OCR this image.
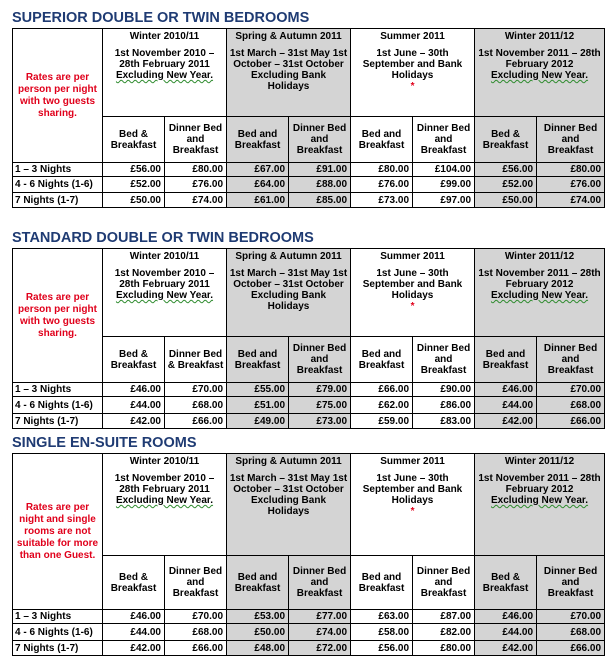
SUPERIOR DOUBLE OR TWIN BEDROOMS
Rates are per person per night with two guests sharing.	Winter 2010/11
1st November 2010 – 28th February 2011
Excluding New Year.		Spring & Autumn 2011
1st March – 31st May 1st October – 31st October Excluding Bank Holidays		Summer 2011
1st June – 30th September and Bank Holidays
*		Winter 2011/12
1st November 2011 – 28th February 2012
Excluding New Year.	
	Bed & Breakfast	Dinner Bed and Breakfast	Bed and Breakfast	Dinner Bed and Breakfast	Bed and Breakfast	Dinner Bed and Breakfast	Bed & Breakfast	Dinner Bed and Breakfast
1 – 3 Nights	£56.00	£80.00	£67.00	£91.00	£80.00	£104.00	£56.00	£80.00
4 - 6 Nights (1-6)	£52.00	£76.00	£64.00	£88.00	£76.00	£99.00	£52.00	£76.00
7 Nights (1-7)	£50.00	£74.00	£61.00	£85.00	£73.00	£97.00	£50.00	£74.00
STANDARD DOUBLE OR TWIN BEDROOMS
Rates are per person per night with two guests sharing.	Winter 2010/11
1st November 2010 – 28th February 2011
Excluding New Year.		Spring & Autumn 2011
1st March – 31st May 1st October – 31st October Excluding Bank Holidays		Summer 2011
1st June – 30th September and Bank Holidays
*		Winter 2011/12
1st November 2011 – 28th February 2012
Excluding New Year.	
	Bed & Breakfast	Dinner Bed & Breakfast	Bed and Breakfast	Dinner Bed and Breakfast	Bed and Breakfast	Dinner Bed and Breakfast	Bed and Breakfast	Dinner Bed and Breakfast
1 – 3 Nights	£46.00	£70.00	£55.00	£79.00	£66.00	£90.00	£46.00	£70.00
4 - 6 Nights (1-6)	£44.00	£68.00	£51.00	£75.00	£62.00	£86.00	£44.00	£68.00
7 Nights (1-7)	£42.00	£66.00	£49.00	£73.00	£59.00	£83.00	£42.00	£66.00
SINGLE EN-SUITE ROOMS
Rates are per night and single rooms are not suitable for more than one Guest.	Winter 2010/11
1st November 2010 – 28th February 2011
Excluding New Year.		Spring & Autumn 2011
1st March – 31st May 1st October – 31st October Excluding Bank Holidays		Summer 2011
1st June – 30th September and Bank Holidays
*		Winter 2011/12
1st November 2011 – 28th February 2012
Excluding New Year.	
	Bed & Breakfast	Dinner Bed and Breakfast	Bed and Breakfast	Dinner Bed and Breakfast	Bed and Breakfast	Dinner Bed and Breakfast	Bed & Breakfast	Dinner Bed and Breakfast
1 – 3 Nights	£46.00	£70.00	£53.00	£77.00	£63.00	£87.00	£46.00	£70.00
4 - 6 Nights (1-6)	£44.00	£68.00	£50.00	£74.00	£58.00	£82.00	£44.00	£68.00
7 Nights (1-7)	£42.00	£66.00	£48.00	£72.00	£56.00	£80.00	£42.00	£66.00
